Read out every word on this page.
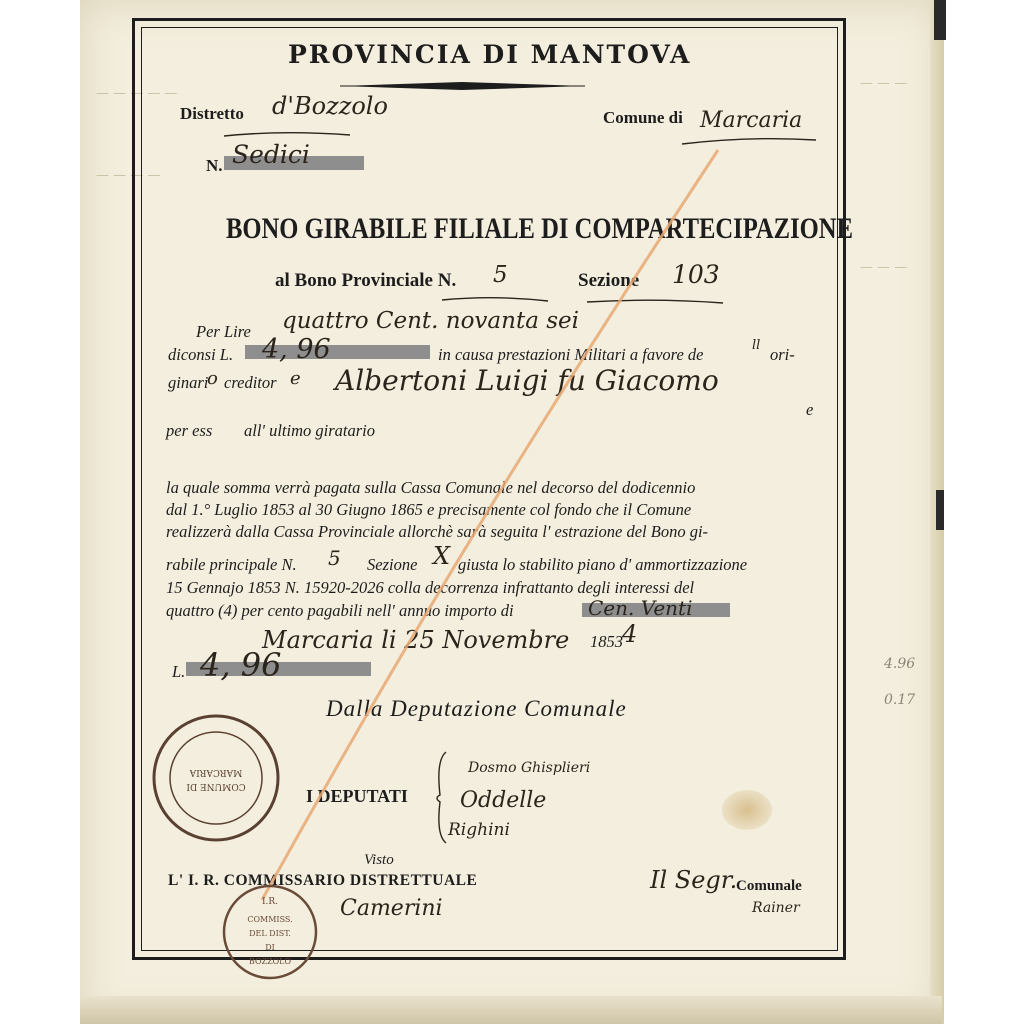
— — — — —
— — —
— — — —
— — —
PROVINCIA DI MANTOVA
Distretto d'Bozzolo	Comune di Marcaria
N. Sedici
BONO GIRABILE FILIALE DI COMPARTECIPAZIONE
al Bono Provinciale N. 5	Sezione 103
Per Lire quattro Cent. novanta sei
diconsi L. 4, 96	in causa prestazioni Militari a favore de	ll ori-
ginari
o creditor e Albertoni Luigi fu Giacomo
e
per ess all' ultimo giratario
la quale somma verrà pagata sulla Cassa Comunale nel decorso del dodicennio
dal 1.° Luglio 1853 al 30 Giugno 1865 e precisamente col fondo che il Comune
realizzerà dalla Cassa Provinciale allorchè sarà seguita l' estrazione del Bono gi-
rabile principale N. 5 Sezione X giusta lo stabilito piano d' ammortizzazione
15 Gennajo 1853 N. 15920-2026 colla decorrenza infrattanto degli interessi del
quattro (4) per cento pagabili nell' annuo importo di	Cen. Venti
Marcaria li 25 Novembre 1853 4
L. 4, 96
Dalla Deputazione Comunale
I DEPUTATI
Dosmo Ghisplieri
Oddelle
Righini
Visto
L' I. R. COMMISSARIO DISTRETTUALE
Camerini
Il Segr.
Comunale
Rainer
COMUNE DI
MARCARIA
I.R.
COMMISS.
DEL DIST.
DI
BOZZOLO
4.96
0.17
